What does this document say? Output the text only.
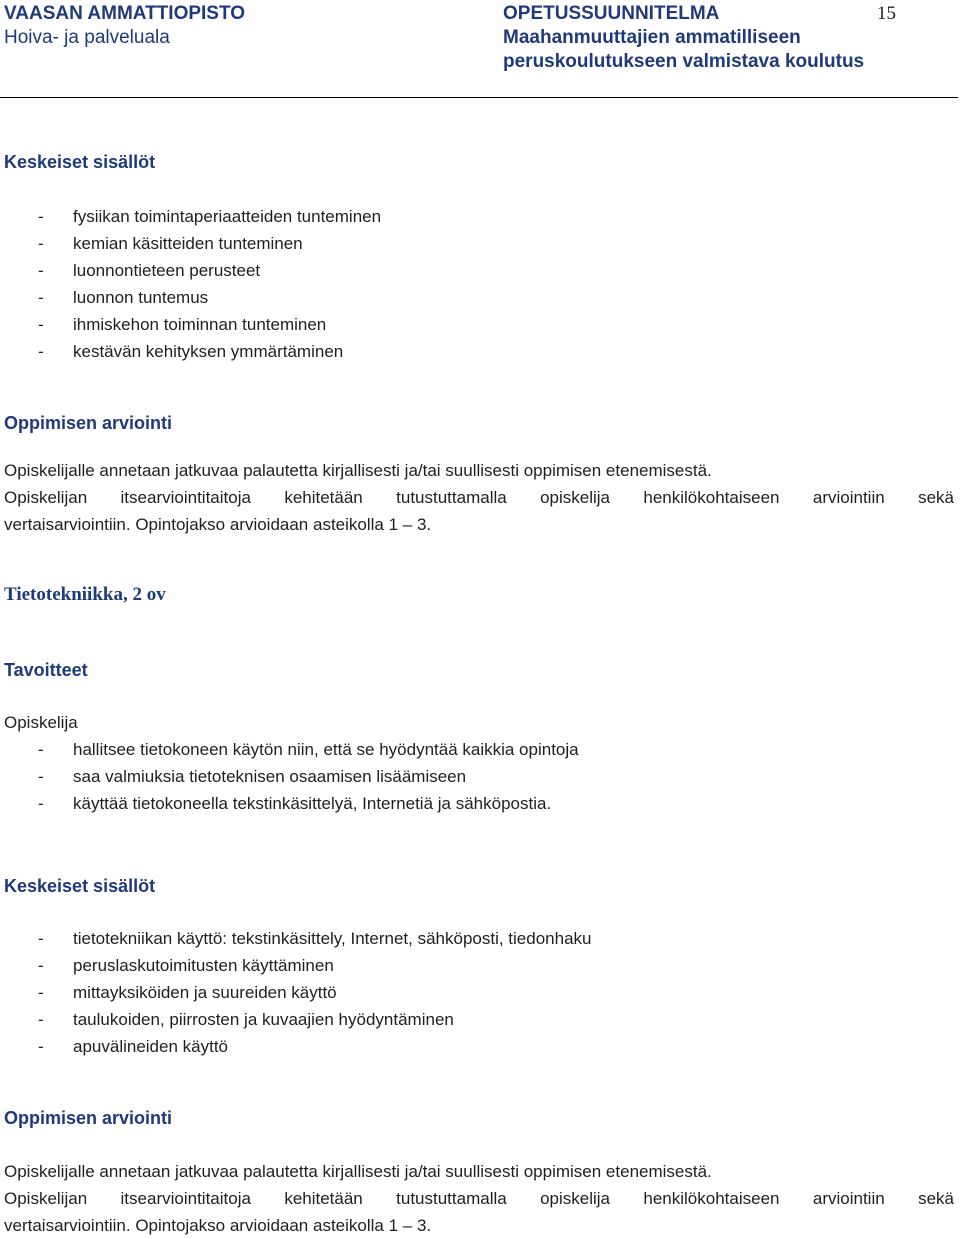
VAASAN AMMATTIOPISTO
Hoiva- ja palveluala
OPETUSSUUNNITELMA
Maahanmuuttajien ammatilliseen
peruskoulutukseen valmistava koulutus
15
Keskeiset sisällöt
- fysiikan toimintaperiaatteiden tunteminen
- kemian käsitteiden tunteminen
- luonnontieteen perusteet
- luonnon tuntemus
- ihmiskehon toiminnan tunteminen
- kestävän kehityksen ymmärtäminen
Oppimisen arviointi
Opiskelijalle annetaan jatkuvaa palautetta kirjallisesti ja/tai suullisesti oppimisen etenemisestä.
Opiskelijan itsearviointitaitoja kehitetään tutustuttamalla opiskelija henkilökohtaiseen arviointiin sekä
vertaisarviointiin. Opintojakso arvioidaan asteikolla 1 – 3.
Tietotekniikka, 2 ov
Tavoitteet
Opiskelija
- hallitsee tietokoneen käytön niin, että se hyödyntää kaikkia opintoja
- saa valmiuksia tietoteknisen osaamisen lisäämiseen
- käyttää tietokoneella tekstinkäsittelyä, Internetiä ja sähköpostia.
Keskeiset sisällöt
- tietotekniikan käyttö: tekstinkäsittely, Internet, sähköposti, tiedonhaku
- peruslaskutoimitusten käyttäminen
- mittayksiköiden ja suureiden käyttö
- taulukoiden, piirrosten ja kuvaajien hyödyntäminen
- apuvälineiden käyttö
Oppimisen arviointi
Opiskelijalle annetaan jatkuvaa palautetta kirjallisesti ja/tai suullisesti oppimisen etenemisestä.
Opiskelijan itsearviointitaitoja kehitetään tutustuttamalla opiskelija henkilökohtaiseen arviointiin sekä
vertaisarviointiin. Opintojakso arvioidaan asteikolla 1 – 3.
